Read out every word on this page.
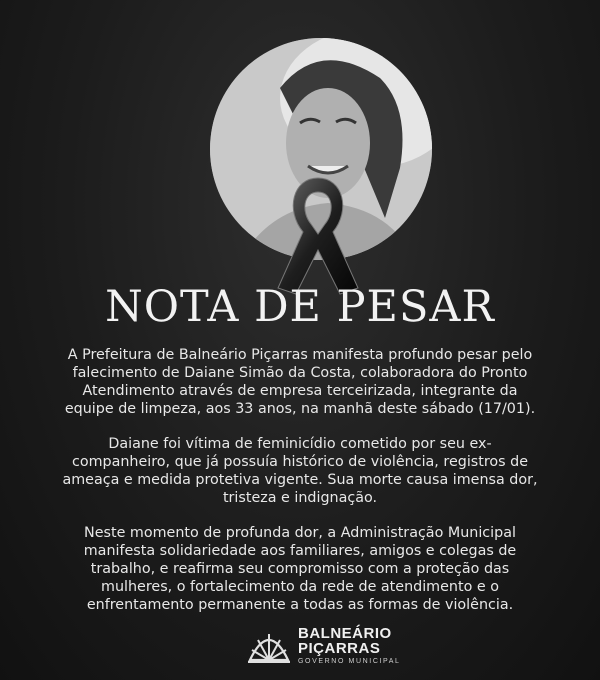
NOTA DE PESAR

A Prefeitura de Balneário Piçarras manifesta profundo pesar pelo falecimento de Daiane Simão da Costa, colaboradora do Pronto Atendimento através de empresa terceirizada, integrante da equipe de limpeza, aos 33 anos, na manhã deste sábado (17/01).

Daiane foi vítima de feminicídio cometido por seu ex-companheiro, que já possuía histórico de violência, registros de ameaça e medida protetiva vigente. Sua morte causa imensa dor, tristeza e indignação.

Neste momento de profunda dor, a Administração Municipal manifesta solidariedade aos familiares, amigos e colegas de trabalho, e reafirma seu compromisso com a proteção das mulheres, o fortalecimento da rede de atendimento e o enfrentamento permanente a todas as formas de violência.

BALNEÁRIO
PIÇARRAS
GOVERNO MUNICIPAL
